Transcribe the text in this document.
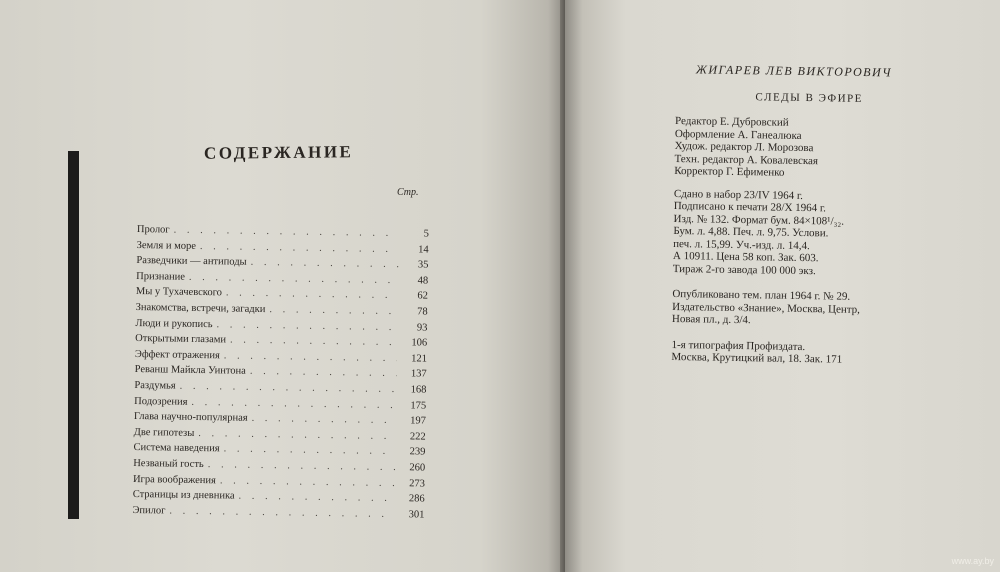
СОДЕРЖАНИЕ
Стр.
Пролог . . .	5
Земля и море . . .	14
Разведчики — антиподы . . .	35
Признание . . .	48
Мы у Тухачевского . . .	62
Знакомства, встречи, загадки . . .	78
Люди и рукопись . . .	93
Открытыми глазами . . .	106
Эффект отражения . . .	121
Реванш Майкла Уинтона . . .	137
Раздумья . . .	168
Подозрения . . .	175
Глава научно-популярная . . .	197
Две гипотезы . . .	222
Система наведения . . .	239
Незваный гость . . .	260
Игра воображения . . .	273
Страницы из дневника . . .	286
Эпилог . . .	301
ЖИГАРЕВ ЛЕВ ВИКТОРОВИЧ
СЛЕДЫ В ЭФИРЕ
Редактор Е. Дубровский
Оформление А. Ганеалюка
Худож. редактор Л. Морозова
Техн. редактор А. Ковалевская
Корректор Г. Ефименко
Сдано в набор 23/IV 1964 г.
Подписано к печати 28/X 1964 г.
Изд. № 132. Формат бум. 84×108¹/₃₂.
Бум. л. 4,88. Печ. л. 9,75. Услови.
печ. л. 15,99. Уч.-изд. л. 14,4.
А 10911. Цена 58 коп. Зак. 603.
Тираж 2-го завода 100 000 экз.
Опубликовано тем. план 1964 г. № 29.
Издательство «Знание», Москва, Центр,
Новая пл., д. 3/4.
1-я типография Профиздата.
Москва, Крутицкий вал, 18. Зак. 171
www.ay.by
